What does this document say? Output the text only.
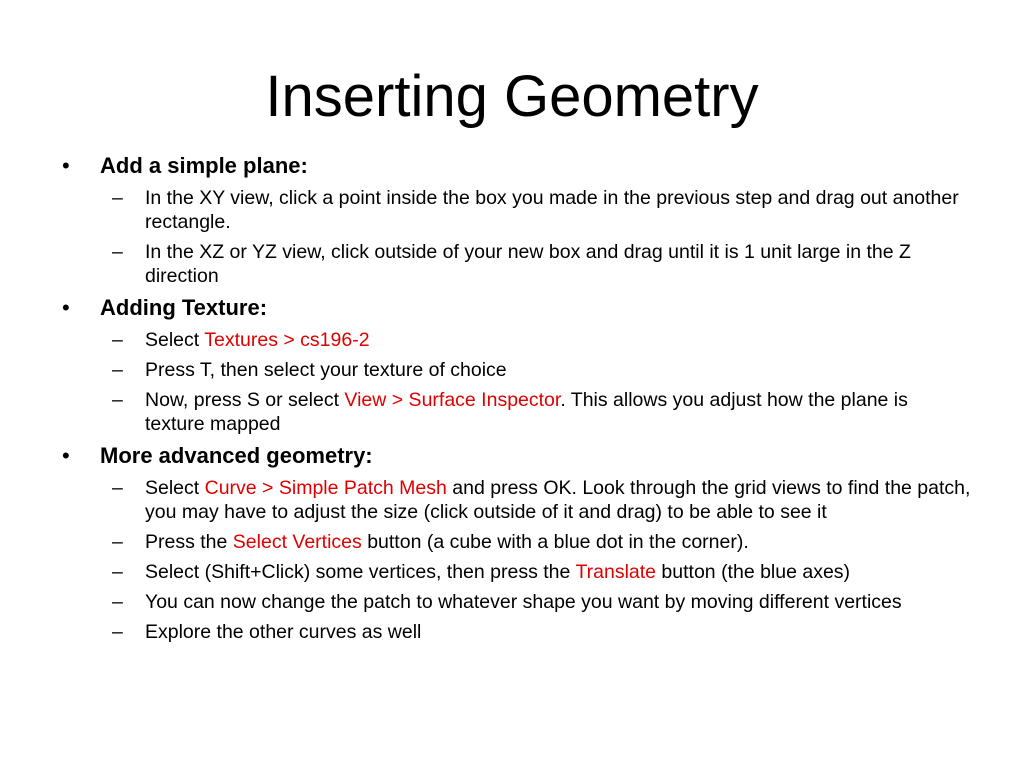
Inserting Geometry
• Add a simple plane:
– In the XY view, click a point inside the box you made in the previous step and drag out another rectangle.
– In the XZ or YZ view, click outside of your new box and drag until it is 1 unit large in the Z direction
• Adding Texture:
– Select Textures > cs196-2
– Press T, then select your texture of choice
– Now, press S or select View > Surface Inspector. This allows you adjust how the plane is texture mapped
• More advanced geometry:
– Select Curve > Simple Patch Mesh and press OK. Look through the grid views to find the patch, you may have to adjust the size (click outside of it and drag) to be able to see it
– Press the Select Vertices button (a cube with a blue dot in the corner).
– Select (Shift+Click) some vertices, then press the Translate button (the blue axes)
– You can now change the patch to whatever shape you want by moving different vertices
– Explore the other curves as well
